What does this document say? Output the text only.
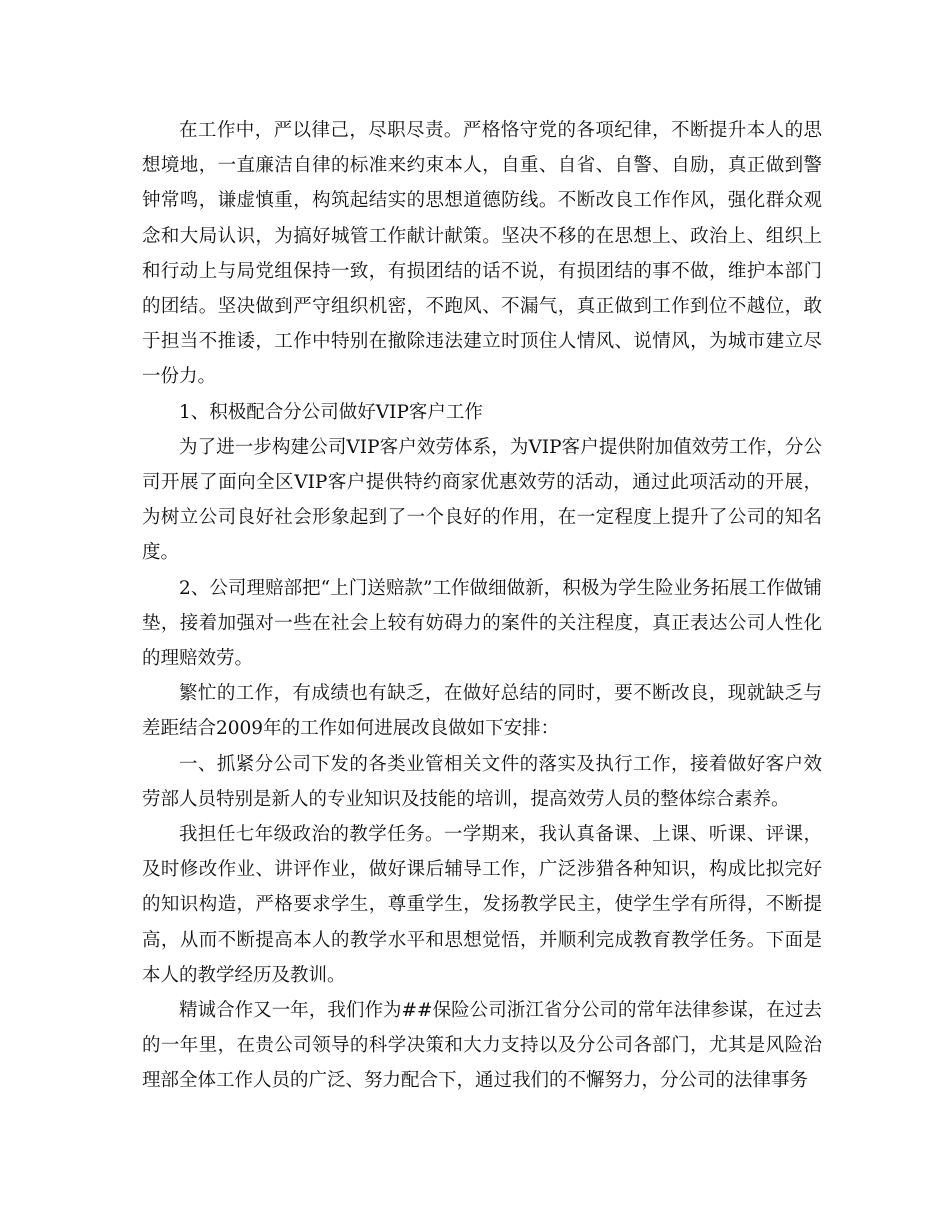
在工作中，严以律己，尽职尽责。严格恪守党的各项纪律，不断提升本人的思想境地，一直廉洁自律的标准来约束本人，自重、自省、自警、自励，真正做到警钟常鸣，谦虚慎重，构筑起结实的思想道德防线。不断改良工作作风，强化群众观念和大局认识，为搞好城管工作献计献策。坚决不移的在思想上、政治上、组织上和行动上与局党组保持一致，有损团结的话不说，有损团结的事不做，维护本部门的团结。坚决做到严守组织机密，不跑风、不漏气，真正做到工作到位不越位，敢于担当不推诿，工作中特别在撤除违法建立时顶住人情风、说情风，为城市建立尽一份力。

1、积极配合分公司做好VIP客户工作

为了进一步构建公司VIP客户效劳体系，为VIP客户提供附加值效劳工作，分公司开展了面向全区VIP客户提供特约商家优惠效劳的活动，通过此项活动的开展，为树立公司良好社会形象起到了一个良好的作用，在一定程度上提升了公司的知名度。

2、公司理赔部把“上门送赔款”工作做细做新，积极为学生险业务拓展工作做铺垫，接着加强对一些在社会上较有妨碍力的案件的关注程度，真正表达公司人性化的理赔效劳。

繁忙的工作，有成绩也有缺乏，在做好总结的同时，要不断改良，现就缺乏与差距结合2009年的工作如何进展改良做如下安排：

一、抓紧分公司下发的各类业管相关文件的落实及执行工作，接着做好客户效劳部人员特别是新人的专业知识及技能的培训，提高效劳人员的整体综合素养。

我担任七年级政治的教学任务。一学期来，我认真备课、上课、听课、评课，及时修改作业、讲评作业，做好课后辅导工作，广泛涉猎各种知识，构成比拟完好的知识构造，严格要求学生，尊重学生，发扬教学民主，使学生学有所得，不断提高，从而不断提高本人的教学水平和思想觉悟，并顺利完成教育教学任务。下面是本人的教学经历及教训。

精诚合作又一年，我们作为##保险公司浙江省分公司的常年法律参谋，在过去的一年里，在贵公司领导的科学决策和大力支持以及分公司各部门，尤其是风险治理部全体工作人员的广泛、努力配合下，通过我们的不懈努力，分公司的法律事务
